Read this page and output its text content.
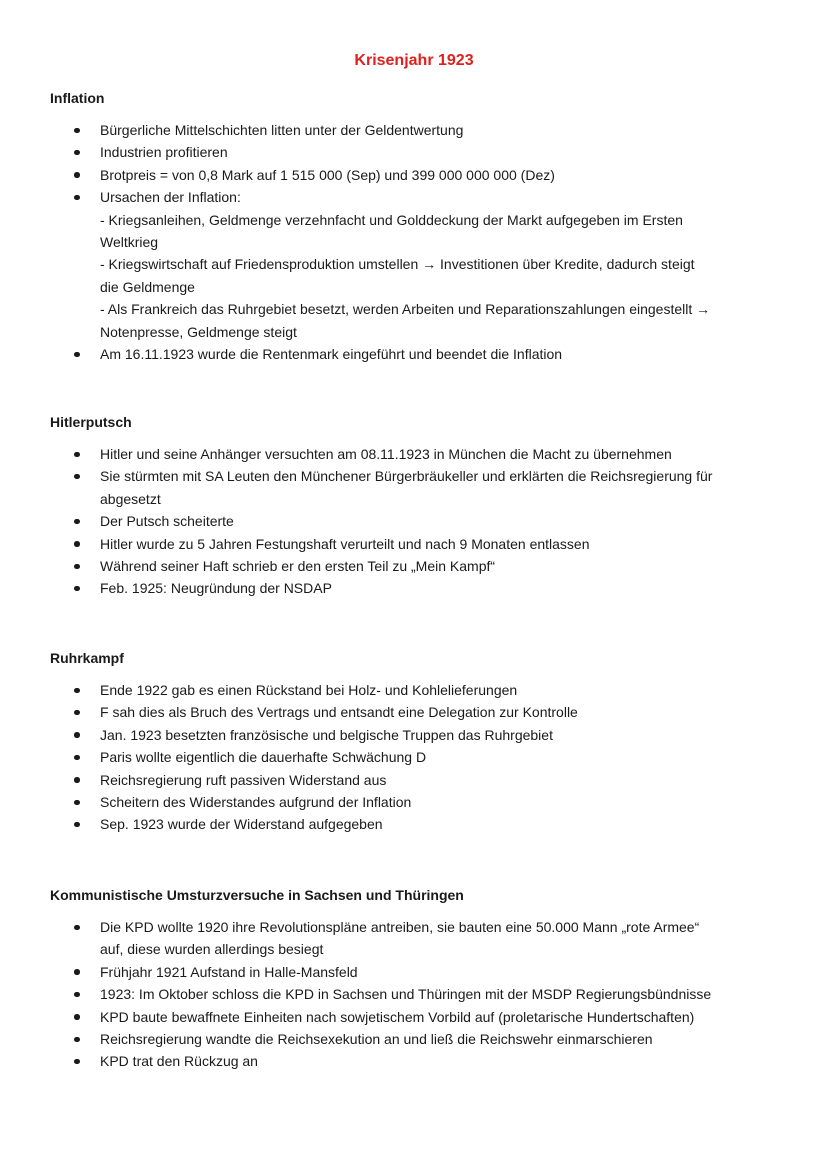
Krisenjahr 1923
Inflation
Bürgerliche Mittelschichten litten unter der Geldentwertung
Industrien profitieren
Brotpreis = von 0,8 Mark auf 1 515 000 (Sep) und 399 000 000 000 (Dez)
Ursachen der Inflation:
- Kriegsanleihen, Geldmenge verzehnfacht und Golddeckung der Markt aufgegeben im Ersten
Weltkrieg
- Kriegswirtschaft auf Friedensproduktion umstellen → Investitionen über Kredite, dadurch steigt
die Geldmenge
- Als Frankreich das Ruhrgebiet besetzt, werden Arbeiten und Reparationszahlungen eingestellt →
Notenpresse, Geldmenge steigt
Am 16.11.1923 wurde die Rentenmark eingeführt und beendet die Inflation
Hitlerputsch
Hitler und seine Anhänger versuchten am 08.11.1923 in München die Macht zu übernehmen
Sie stürmten mit SA Leuten den Münchener Bürgerbräukeller und erklärten die Reichsregierung für
abgesetzt
Der Putsch scheiterte
Hitler wurde zu 5 Jahren Festungshaft verurteilt und nach 9 Monaten entlassen
Während seiner Haft schrieb er den ersten Teil zu „Mein Kampf“
Feb. 1925: Neugründung der NSDAP
Ruhrkampf
Ende 1922 gab es einen Rückstand bei Holz- und Kohlelieferungen
F sah dies als Bruch des Vertrags und entsandt eine Delegation zur Kontrolle
Jan. 1923 besetzten französische und belgische Truppen das Ruhrgebiet
Paris wollte eigentlich die dauerhafte Schwächung D
Reichsregierung ruft passiven Widerstand aus
Scheitern des Widerstandes aufgrund der Inflation
Sep. 1923 wurde der Widerstand aufgegeben
Kommunistische Umsturzversuche in Sachsen und Thüringen
Die KPD wollte 1920 ihre Revolutionspläne antreiben, sie bauten eine 50.000 Mann „rote Armee“
auf, diese wurden allerdings besiegt
Frühjahr 1921 Aufstand in Halle-Mansfeld
1923: Im Oktober schloss die KPD in Sachsen und Thüringen mit der MSDP Regierungsbündnisse
KPD baute bewaffnete Einheiten nach sowjetischem Vorbild auf (proletarische Hundertschaften)
Reichsregierung wandte die Reichsexekution an und ließ die Reichswehr einmarschieren
KPD trat den Rückzug an
